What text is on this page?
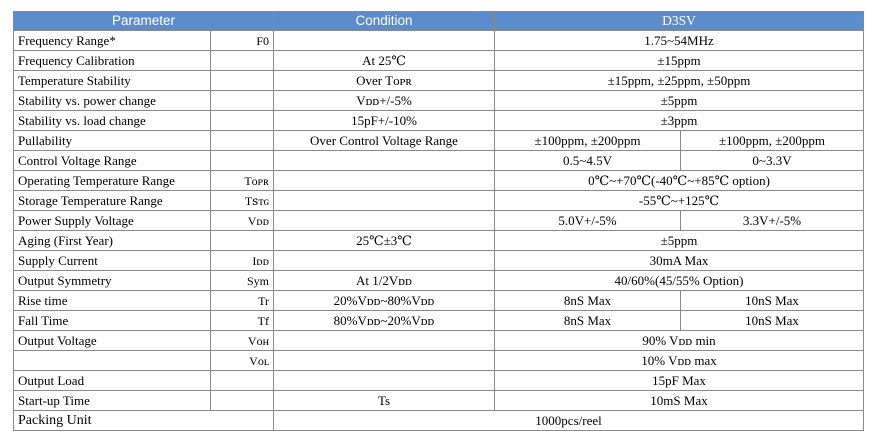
Parameter		Condition	D3SV	
Frequency Range*	F0		1.75~54MHz	
Frequency Calibration		At 25℃	±15ppm	
Temperature Stability		Over Tᴏᴘʀ	±15ppm, ±25ppm, ±50ppm	
Stability vs. power change		Vᴅᴅ+/-5%	±5ppm	
Stability vs. load change		15pF+/-10%	±3ppm	
Pullability		Over Control Voltage Range	±100ppm, ±200ppm	±100ppm, ±200ppm
Control Voltage Range			0.5~4.5V	0~3.3V
Operating Temperature Range	Tᴏᴘʀ		0℃~+70℃(-40℃~+85℃ option)	
Storage Temperature Range	Tꜱᴛɢ		-55℃~+125℃	
Power Supply Voltage	Vᴅᴅ		5.0V+/-5%	3.3V+/-5%
Aging (First Year)		25℃±3℃	±5ppm	
Supply Current	Iᴅᴅ		30mA Max	
Output Symmetry	Sym	At 1/2Vᴅᴅ	40/60%(45/55% Option)	
Rise time	Tr	20%Vᴅᴅ~80%Vᴅᴅ	8nS Max	10nS Max
Fall Time	Tf	80%Vᴅᴅ~20%Vᴅᴅ	8nS Max	10nS Max
Output Voltage	Vᴏʜ		90% Vᴅᴅ min	
	Vᴏʟ		10% Vᴅᴅ max	
Output Load			15pF Max	
Start-up Time		Ts	10mS Max	
Packing Unit		1000pcs/reel		
